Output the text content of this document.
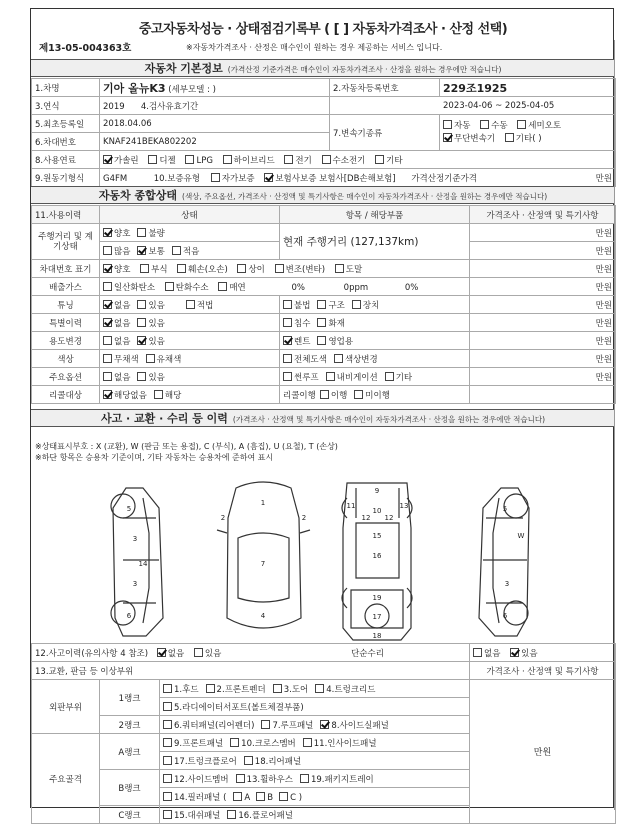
중고자동차성능 · 상태점검기록부 ( [ ] 자동차가격조사 · 산정 선택)
제13-05-004363호	※자동차가격조사 · 산정은 매수인이 원하는 경우 제공하는 서비스 입니다.
자동차 기본정보 (가격산정 기준가격은 매수인이 자동차가격조사 · 산정을 원하는 경우에만 적습니다)
1.차명	기아 올뉴K3 (세부모델 : )	2.자동차등록번호	229조1925
3.연식	2019 4.검사유효기간	2023-04-06 ~ 2025-04-05	
5.최초등록일	2018.04.06	7.변속기종류	자동 수동 세미오토
무단변속기 기타( )
6.차대번호	KNAF241BEKA802202		
8.사용연료	가솔린 디젤 LPG 하이브리드 전기 수소전기 기타		
9.원동기형식	G4FM 10.보증유형 자가보증 보험사보증 보험사[DB손해보험] 가격산정기준가격 만원		
자동차 종합상태 (색상, 주요옵션, 가격조사 · 산정액 및 특기사항은 매수인이 자동차가격조사 · 산정을 원하는 경우에만 적습니다)
11.사용이력	상태	항목 / 해당부품	가격조사 · 산정액 및 특기사항
주행거리 및 계기상태	양호 불량	현재 주행거리 (127,137km)	만원
	많음 보통 적음		만원
차대번호 표기	양호 부식 훼손(오손) 상이 변조(변타) 도말		만원
배출가스	일산화탄소 탄화수소 매연 0% 0ppm 0%		만원
튜닝	없음 있음 적법	불법 구조 장치	만원
특별이력	없음 있음	침수 화재	만원
용도변경	없음 있음	렌트 영업용	만원
색상	무채색 유채색	전체도색 색상변경	만원
주요옵션	없음 있음	썬루프 내비게이션 기타	만원
리콜대상	해당없음 해당	리콜이행 이행 미이행	
사고 · 교환 · 수리 등 이력 (가격조사 · 산정액 및 특기사항은 매수인이 자동차가격조사 · 산정을 원하는 경우에만 적습니다)
※상태표시부호 : X (교환), W (판금 또는 용접), C (부식), A (흠집), U (요철), T (손상)
※하단 항목은 승용차 기준이며, 기타 자동차는 승용차에 준하여 표시
5
3
14
3
6
1
7
4
2	2
11
12 12
13
9
10
15
16
19
17
18
5
W
3
6
12.사고이력(유의사항 4 참조) 없음 있음 단순수리			없음 있음
13.교환, 판금 등 이상부위			가격조사 · 산정액 및 특기사항
외판부위	1랭크	1.후드 2.프론트펜더 3.도어 4.트렁크리드	만원
		5.라디에이터서포트(볼트체결부품)	
	2랭크	6.쿼터패널(리어펜더) 7.루프패널 8.사이드실패널	
주요골격	A랭크	9.프론트패널 10.크로스멤버 11.인사이드패널	
		17.트렁크플로어 18.리어패널	
	B랭크	12.사이드멤버 13.휠하우스 19.패키지트레이	
		14.필러패널 ( A B C )	
	C랭크	15.대쉬패널 16.플로어패널	
